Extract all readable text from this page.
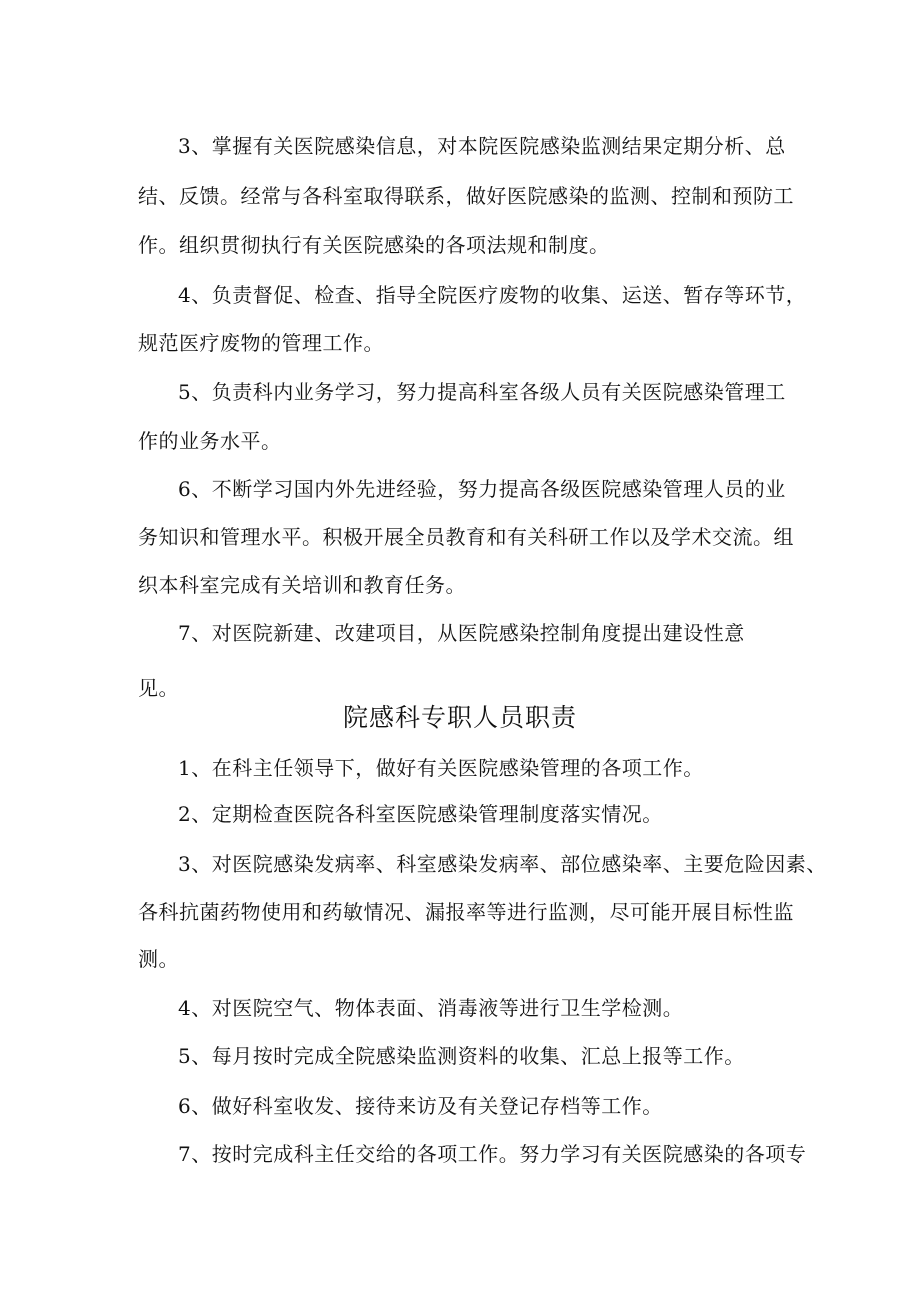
3、掌握有关医院感染信息，对本院医院感染监测结果定期分析、总
结、反馈。经常与各科室取得联系，做好医院感染的监测、控制和预防工
作。组织贯彻执行有关医院感染的各项法规和制度。
4、负责督促、检查、指导全院医疗废物的收集、运送、暂存等环节，
规范医疗废物的管理工作。
5、负责科内业务学习，努力提高科室各级人员有关医院感染管理工
作的业务水平。
6、不断学习国内外先进经验，努力提高各级医院感染管理人员的业
务知识和管理水平。积极开展全员教育和有关科研工作以及学术交流。组
织本科室完成有关培训和教育任务。
7、对医院新建、改建项目，从医院感染控制角度提出建设性意
见。
院感科专职人员职责
1、在科主任领导下，做好有关医院感染管理的各项工作。
2、定期检查医院各科室医院感染管理制度落实情况。
3、对医院感染发病率、科室感染发病率、部位感染率、主要危险因素、
各科抗菌药物使用和药敏情况、漏报率等进行监测，尽可能开展目标性监
测。
4、对医院空气、物体表面、消毒液等进行卫生学检测。
5、每月按时完成全院感染监测资料的收集、汇总上报等工作。
6、做好科室收发、接待来访及有关登记存档等工作。
7、按时完成科主任交给的各项工作。努力学习有关医院感染的各项专
